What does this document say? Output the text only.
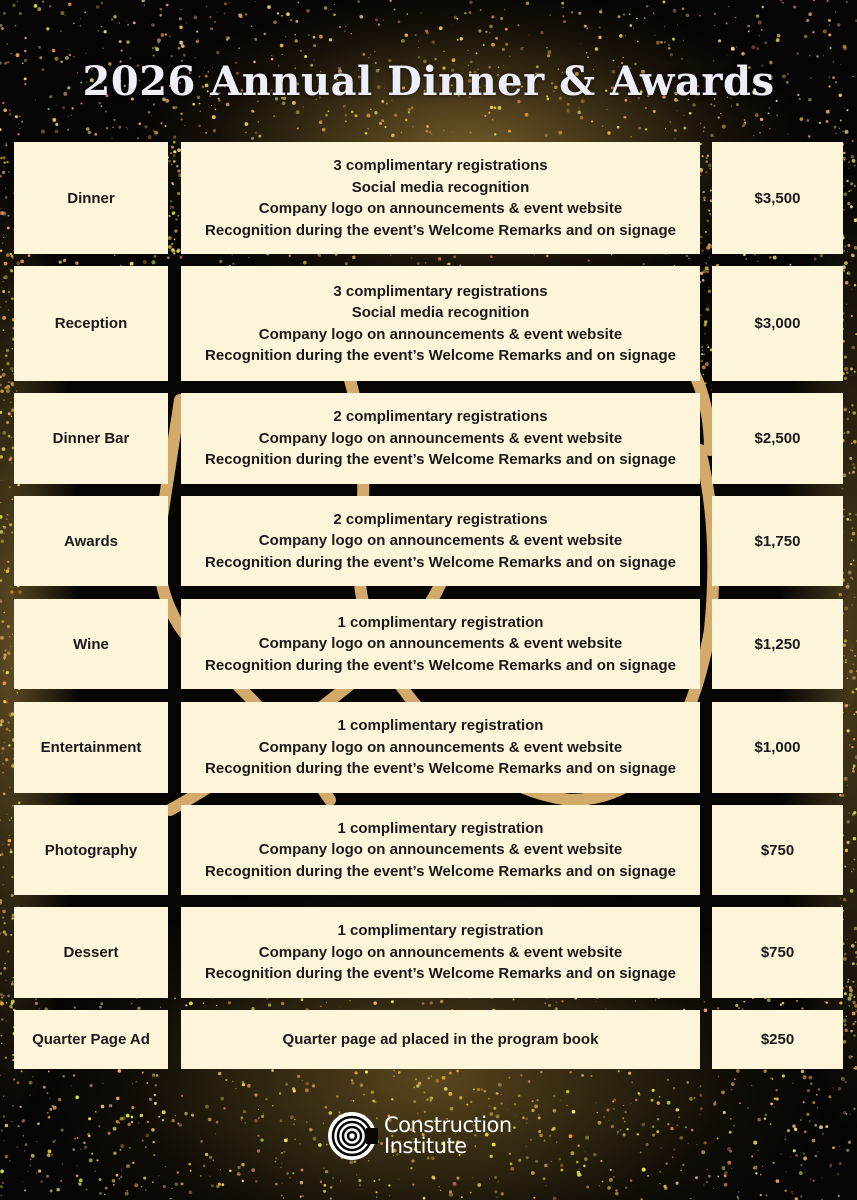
2026 Annual Dinner & Awards
Dinner
3 complimentary registrations
Social media recognition
Company logo on announcements & event website
Recognition during the event’s Welcome Remarks and on signage
$3,500
Reception
3 complimentary registrations
Social media recognition
Company logo on announcements & event website
Recognition during the event’s Welcome Remarks and on signage
$3,000
Dinner Bar
2 complimentary registrations
Company logo on announcements & event website
Recognition during the event’s Welcome Remarks and on signage
$2,500
Awards
2 complimentary registrations
Company logo on announcements & event website
Recognition during the event’s Welcome Remarks and on signage
$1,750
Wine
1 complimentary registration
Company logo on announcements & event website
Recognition during the event’s Welcome Remarks and on signage
$1,250
Entertainment
1 complimentary registration
Company logo on announcements & event website
Recognition during the event’s Welcome Remarks and on signage
$1,000
Photography
1 complimentary registration
Company logo on announcements & event website
Recognition during the event’s Welcome Remarks and on signage
$750
Dessert
1 complimentary registration
Company logo on announcements & event website
Recognition during the event’s Welcome Remarks and on signage
$750
Quarter Page Ad	Quarter page ad placed in the program book	$250
Construction
Institute
